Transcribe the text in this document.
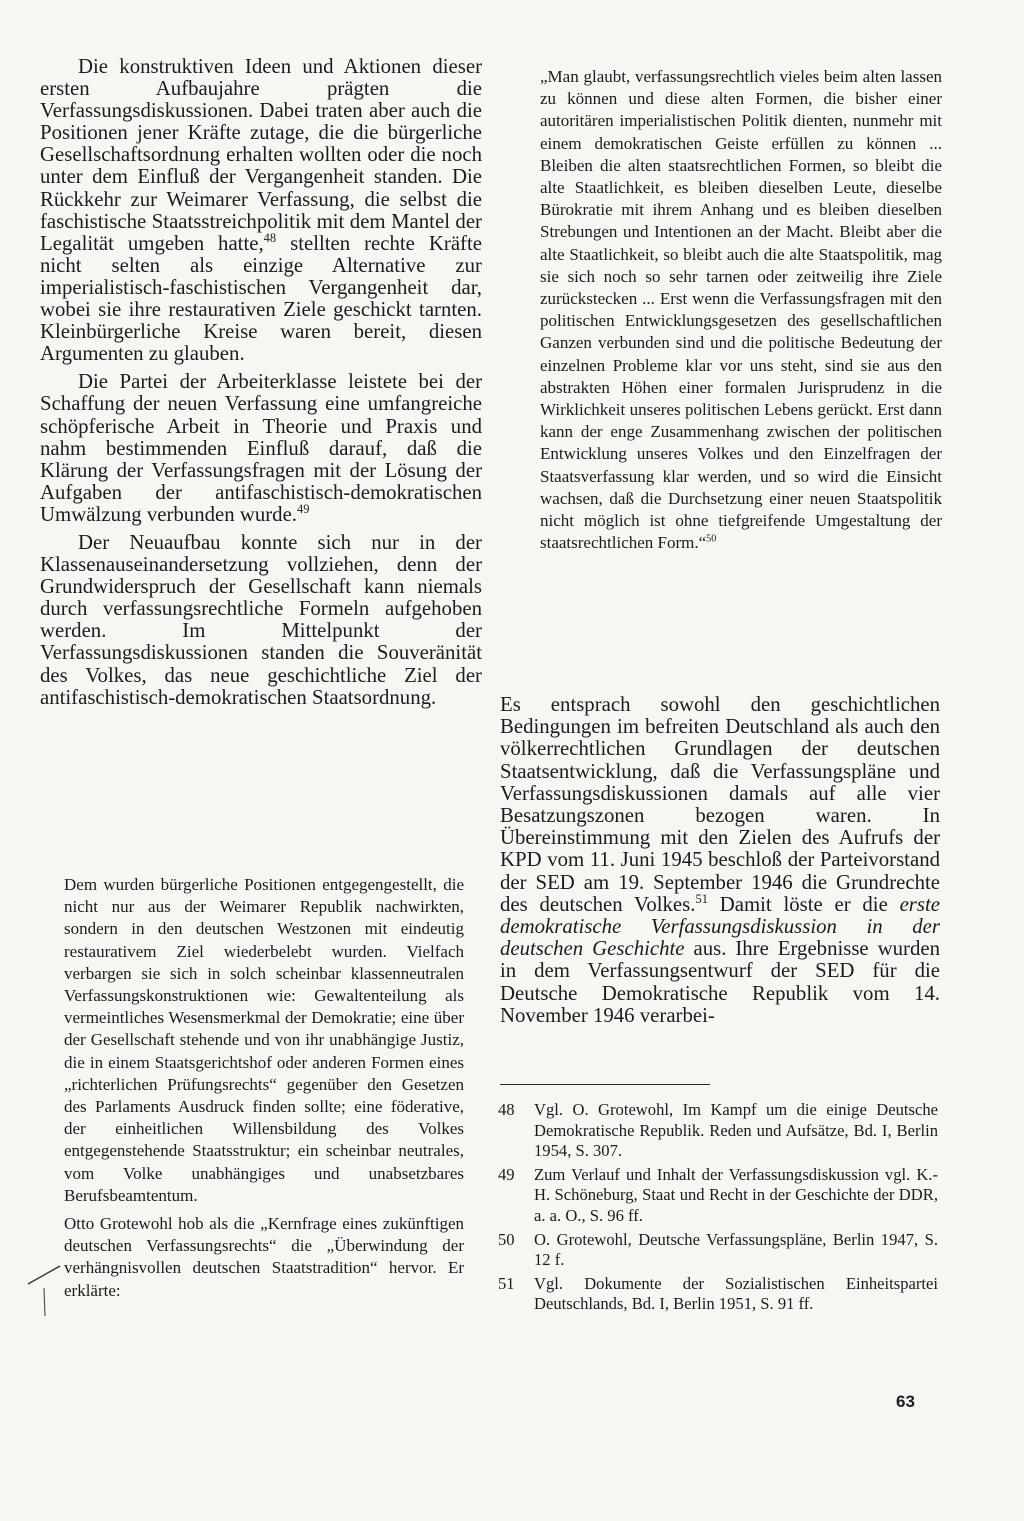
Die konstruktiven Ideen und Aktionen dieser ersten Aufbaujahre prägten die Verfassungsdiskussionen. Dabei traten aber auch die Positionen jener Kräfte zutage, die die bürgerliche Gesellschaftsordnung erhalten wollten oder die noch unter dem Einfluß der Vergangenheit standen. Die Rückkehr zur Weimarer Verfassung, die selbst die faschistische Staatsstreichpolitik mit dem Mantel der Legalität umgeben hatte,$^{48}$ stellten rechte Kräfte nicht selten als einzige Alternative zur imperialistisch-faschistischen Vergangenheit dar, wobei sie ihre restaurativen Ziele geschickt tarnten. Kleinbürgerliche Kreise waren bereit, diesen Argumenten zu glauben.

Die Partei der Arbeiterklasse leistete bei der Schaffung der neuen Verfassung eine umfangreiche schöpferische Arbeit in Theorie und Praxis und nahm bestimmenden Einfluß darauf, daß die Klärung der Verfassungsfragen mit der Lösung der Aufgaben der antifaschistisch-demokratischen Umwälzung verbunden wurde.$^{49}$

Der Neuaufbau konnte sich nur in der Klassenauseinandersetzung vollziehen, denn der Grundwiderspruch der Gesellschaft kann niemals durch verfassungsrechtliche Formeln aufgehoben werden. Im Mittelpunkt der Verfassungsdiskussionen standen die Souveränität des Volkes, das neue geschichtliche Ziel der antifaschistisch-demokratischen Staatsordnung.

Dem wurden bürgerliche Positionen entgegengestellt, die nicht nur aus der Weimarer Republik nachwirkten, sondern in den deutschen Westzonen mit eindeutig restaurativem Ziel wiederbelebt wurden. Vielfach verbargen sie sich in solch scheinbar klassenneutralen Verfassungskonstruktionen wie: Gewaltenteilung als vermeintliches Wesensmerkmal der Demokratie; eine über der Gesellschaft stehende und von ihr unabhängige Justiz, die in einem Staatsgerichtshof oder anderen Formen eines „richterlichen Prüfungsrechts“ gegenüber den Gesetzen des Parlaments Ausdruck finden sollte; eine föderative, der einheitlichen Willensbildung des Volkes entgegenstehende Staatsstruktur; ein scheinbar neutrales, vom Volke unabhängiges und unabsetzbares Berufsbeamtentum.

Otto Grotewohl hob als die „Kernfrage eines zukünftigen deutschen Verfassungsrechts“ die „Überwindung der verhängnisvollen deutschen Staatstradition“ hervor. Er erklärte:

„Man glaubt, verfassungsrechtlich vieles beim alten lassen zu können und diese alten Formen, die bisher einer autoritären imperialistischen Politik dienten, nunmehr mit einem demokratischen Geiste erfüllen zu können ... Bleiben die alten staatsrechtlichen Formen, so bleibt die alte Staatlichkeit, es bleiben dieselben Leute, dieselbe Bürokratie mit ihrem Anhang und es bleiben dieselben Strebungen und Intentionen an der Macht. Bleibt aber die alte Staatlichkeit, so bleibt auch die alte Staatspolitik, mag sie sich noch so sehr tarnen oder zeitweilig ihre Ziele zurückstecken ... Erst wenn die Verfassungsfragen mit den politischen Entwicklungsgesetzen des gesellschaftlichen Ganzen verbunden sind und die politische Bedeutung der einzelnen Probleme klar vor uns steht, sind sie aus den abstrakten Höhen einer formalen Jurisprudenz in die Wirklichkeit unseres politischen Lebens gerückt. Erst dann kann der enge Zusammenhang zwischen der politischen Entwicklung unseres Volkes und den Einzelfragen der Staatsverfassung klar werden, und so wird die Einsicht wachsen, daß die Durchsetzung einer neuen Staatspolitik nicht möglich ist ohne tiefgreifende Umgestaltung der staatsrechtlichen Form.“$^{50}$

Es entsprach sowohl den geschichtlichen Bedingungen im befreiten Deutschland als auch den völkerrechtlichen Grundlagen der deutschen Staatsentwicklung, daß die Verfassungspläne und Verfassungsdiskussionen damals auf alle vier Besatzungszonen bezogen waren. In Übereinstimmung mit den Zielen des Aufrufs der KPD vom 11. Juni 1945 beschloß der Parteivorstand der SED am 19. September 1946 die Grundrechte des deutschen Volkes.$^{51}$ Damit löste er die erste demokratische Verfassungsdiskussion in der deutschen Geschichte aus. Ihre Ergebnisse wurden in dem Verfassungsentwurf der SED für die Deutsche Demokratische Republik vom 14. November 1946 verarbei-

48	Vgl. O. Grotewohl, Im Kampf um die einige Deutsche Demokratische Republik. Reden und Aufsätze, Bd. I, Berlin 1954, S. 307.
49	Zum Verlauf und Inhalt der Verfassungsdiskussion vgl. K.-H. Schöneburg, Staat und Recht in der Geschichte der DDR, a. a. O., S. 96 ff.
50	O. Grotewohl, Deutsche Verfassungspläne, Berlin 1947, S. 12 f.
51	Vgl. Dokumente der Sozialistischen Einheitspartei Deutschlands, Bd. I, Berlin 1951, S. 91 ff.
63
